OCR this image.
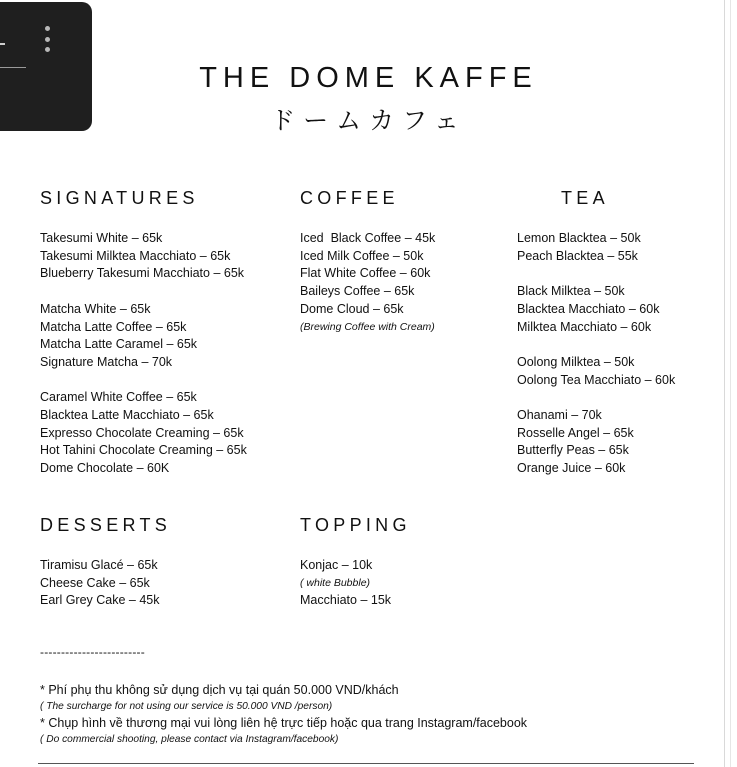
THE DOME KAFFE
ドームカフェ
SIGNATURES
Takesumi White – 65k
Takesumi Milktea Macchiato – 65k
Blueberry Takesumi Macchiato – 65k
Matcha White – 65k
Matcha Latte Coffee – 65k
Matcha Latte Caramel – 65k
Signature Matcha – 70k
Caramel White Coffee – 65k
Blacktea Latte Macchiato – 65k
Expresso Chocolate Creaming – 65k
Hot Tahini Chocolate Creaming – 65k
Dome Chocolate – 60K
COFFEE
Iced  Black Coffee – 45k
Iced Milk Coffee – 50k
Flat White Coffee – 60k
Baileys Coffee – 65k
Dome Cloud – 65k
(Brewing Coffee with Cream)
TEA
Lemon Blacktea – 50k
Peach Blacktea – 55k
Black Milktea – 50k
Blacktea Macchiato – 60k
Milktea Macchiato – 60k
Oolong Milktea – 50k
Oolong Tea Macchiato – 60k
Ohanami – 70k
Rosselle Angel – 65k
Butterfly Peas – 65k
Orange Juice – 60k
DESSERTS
Tiramisu Glacé – 65k
Cheese Cake – 65k
Earl Grey Cake – 45k
TOPPING
Konjac – 10k
( white Bubble)
Macchiato – 15k
-------------------------
* Phí phụ thu không sử dụng dịch vụ tại quán 50.000 VND/khách
( The surcharge for not using our service is 50.000 VND /person)
* Chụp hình về thương mại vui lòng liên hệ trực tiếp hoặc qua trang Instagram/facebook
( Do commercial shooting, please contact via Instagram/facebook)
